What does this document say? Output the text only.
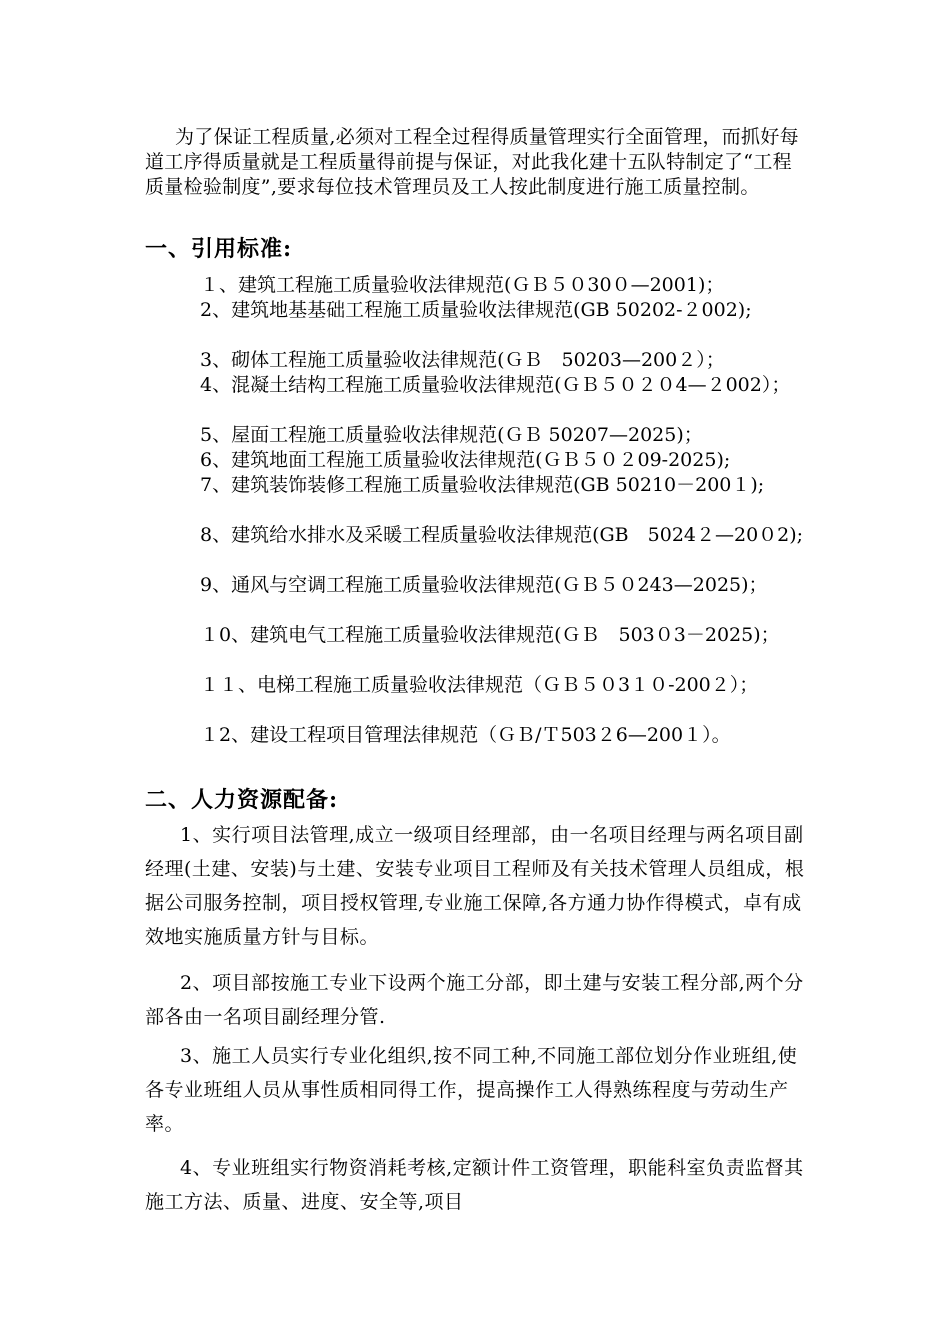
为了保证工程质量,必须对工程全过程得质量管理实行全面管理，而抓好每道工序得质量就是工程质量得前提与保证，对此我化建十五队特制定了“工程质量检验制度”,要求每位技术管理员及工人按此制度进行施工质量控制。

一、引用标准:
１、建筑工程施工质量验收法律规范(ＧＢ５０30０—2001)；
2、建筑地基基础工程施工质量验收法律规范(GB 50202-２002);
3、砌体工程施工质量验收法律规范(ＧＢ　50203—200２）；
4、混凝土结构工程施工质量验收法律规范(ＧＢ５０２０4—２002）；
5、屋面工程施工质量验收法律规范(ＧＢ 50207—2025)；
6、建筑地面工程施工质量验收法律规范(ＧＢ５０２09-2025);
7、建筑装饰装修工程施工质量验收法律规范(GB 50210－200１);
8、建筑给水排水及采暖工程质量验收法律规范(GB　5024２—20０2);
9、通风与空调工程施工质量验收法律规范(ＧＢ５０243—2025)；
１0、建筑电气工程施工质量验收法律规范(ＧＢ　503０3－2025)；
１１、电梯工程施工质量验收法律规范（ＧＢ５０3１０-200２）；
１2、建设工程项目管理法律规范（ＧＢ/Ｔ503２6—200１）。
二、人力资源配备:
1、实行项目法管理,成立一级项目经理部，由一名项目经理与两名项目副经理(土建、安装)与土建、安装专业项目工程师及有关技术管理人员组成，根据公司服务控制，项目授权管理,专业施工保障,各方通力协作得模式，卓有成效地实施质量方针与目标。
2、项目部按施工专业下设两个施工分部，即土建与安装工程分部,两个分部各由一名项目副经理分管.
3、施工人员实行专业化组织,按不同工种,不同施工部位划分作业班组,使各专业班组人员从事性质相同得工作，提高操作工人得熟练程度与劳动生产率。
4、专业班组实行物资消耗考核,定额计件工资管理，职能科室负责监督其施工方法、质量、进度、安全等,项目
